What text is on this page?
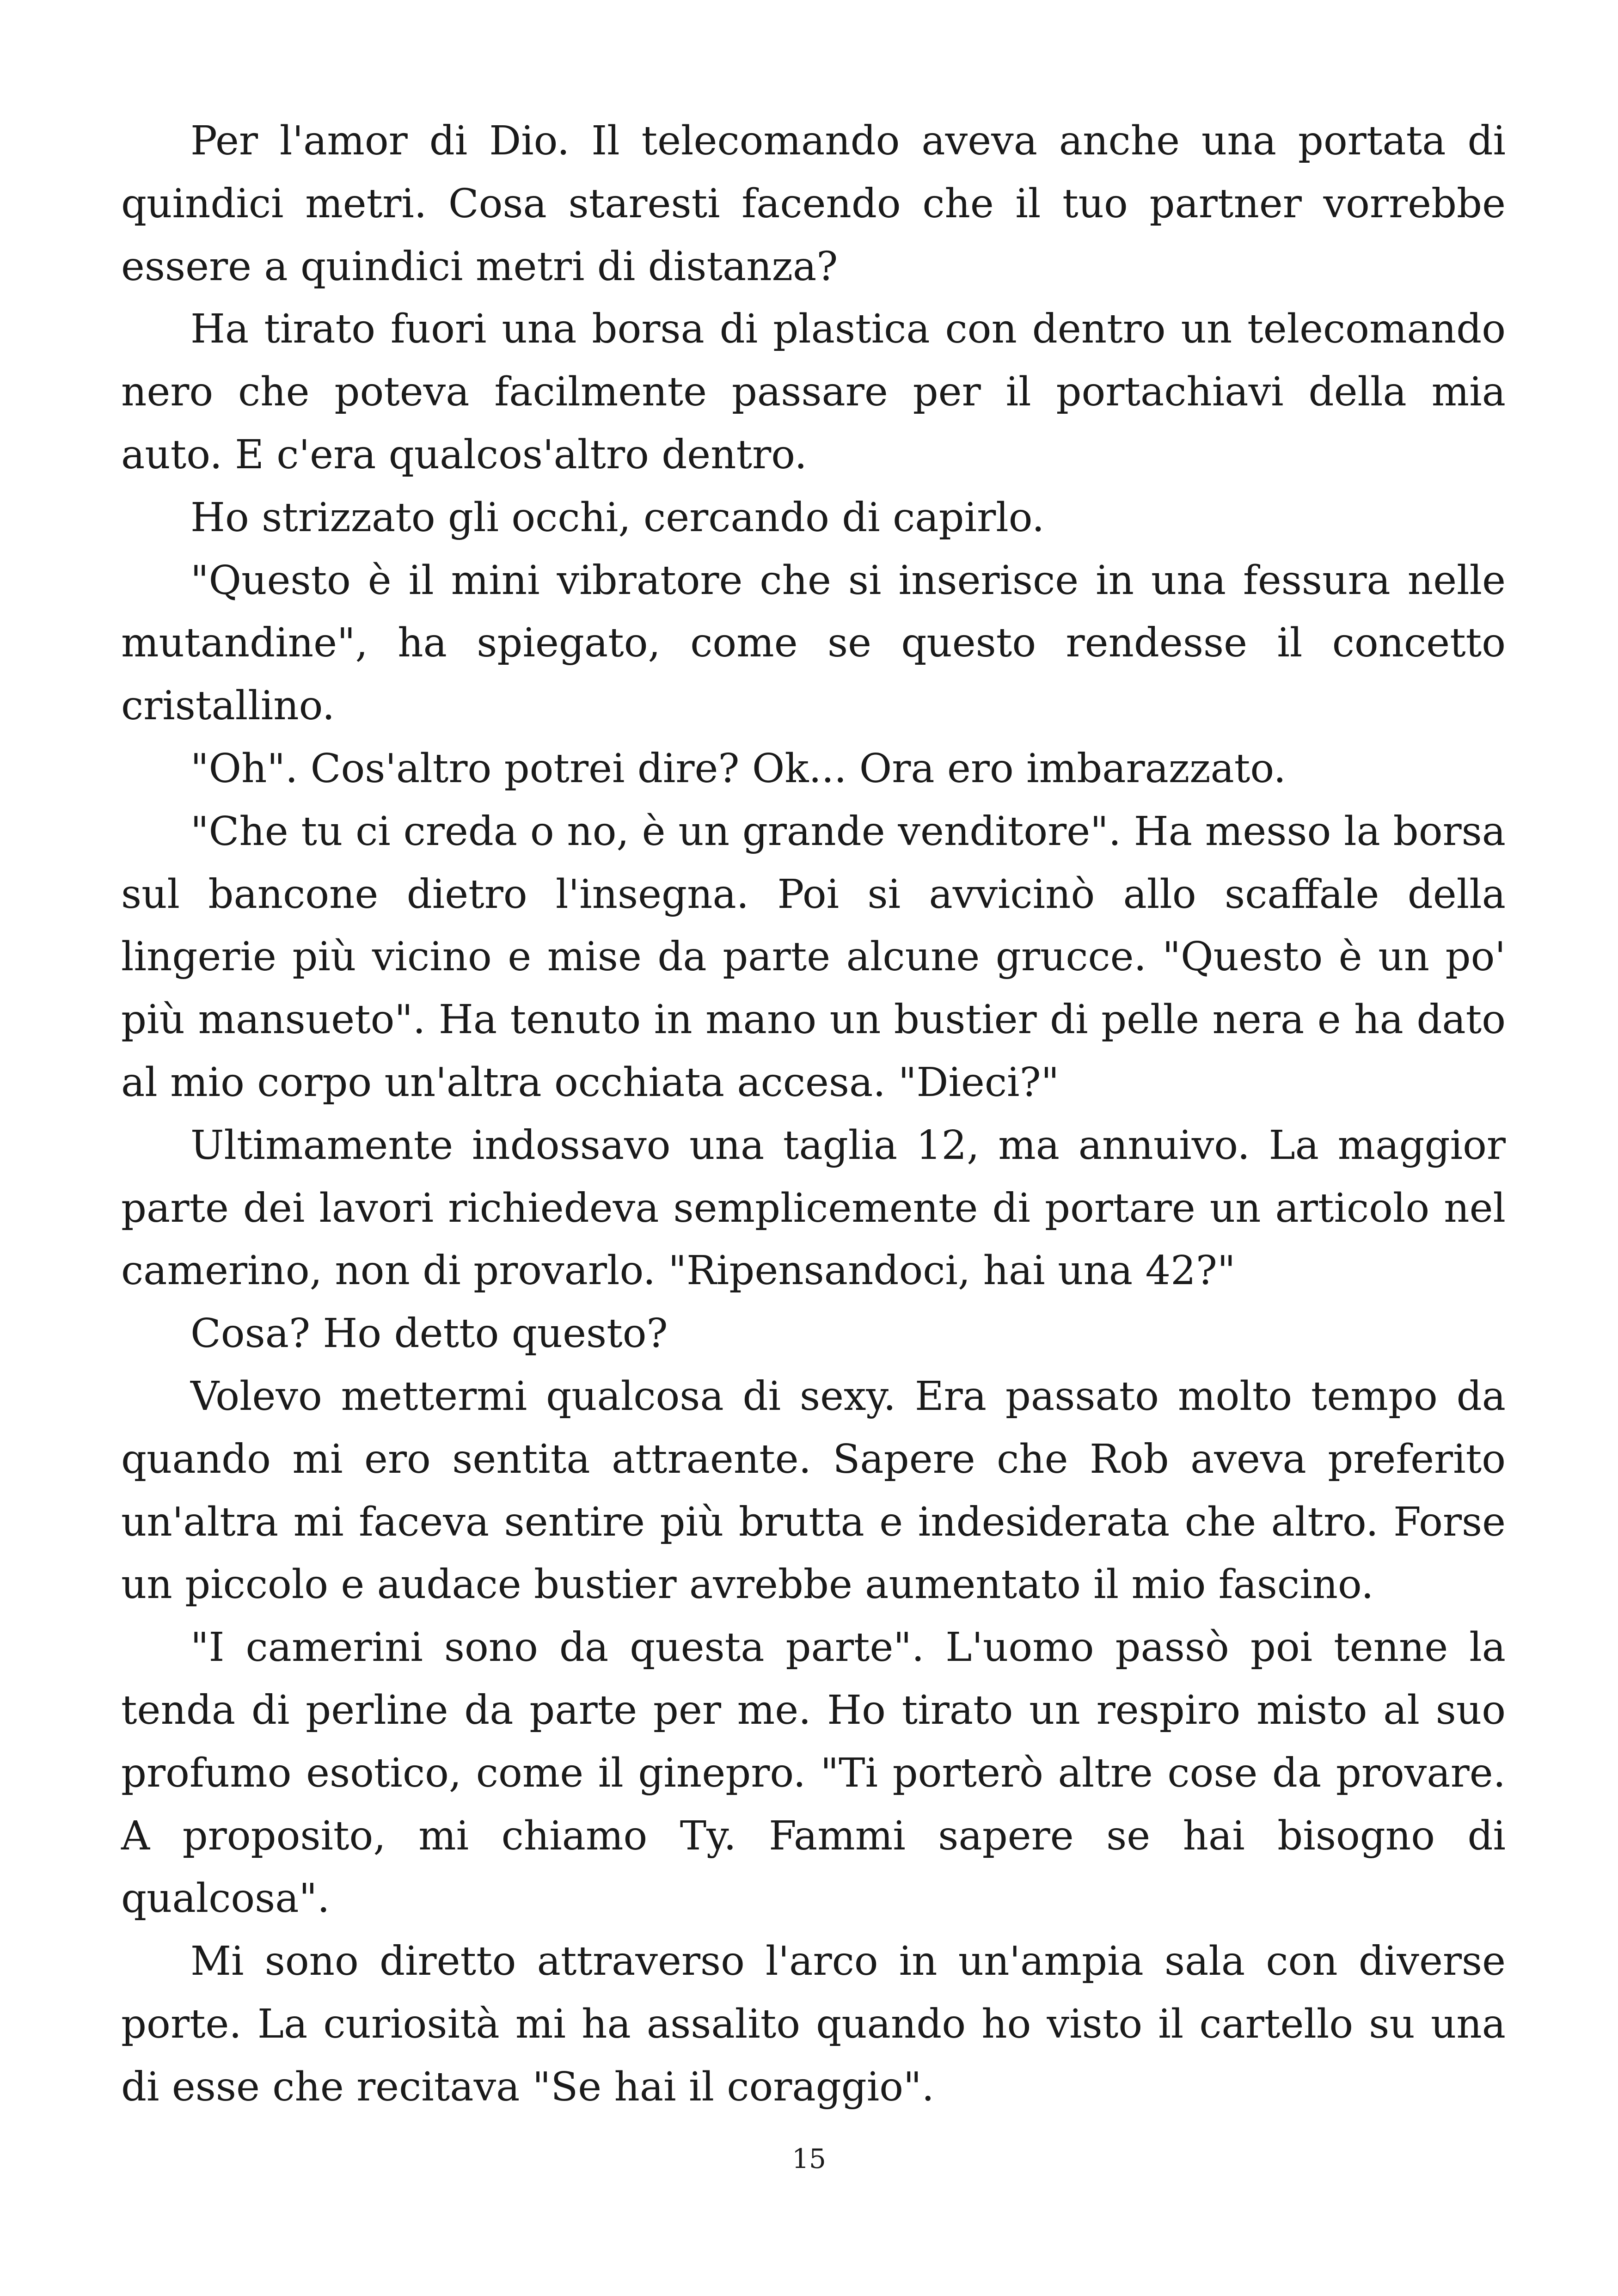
Per l'amor di Dio. Il telecomando aveva anche una portata di quindici metri. Cosa staresti facendo che il tuo partner vorrebbe essere a quindici metri di distanza?

Ha tirato fuori una borsa di plastica con dentro un telecomando nero che poteva facilmente passare per il portachiavi della mia auto. E c'era qualcos'altro dentro.

Ho strizzato gli occhi, cercando di capirlo.

"Questo è il mini vibratore che si inserisce in una fessura nelle mutandine", ha spiegato, come se questo rendesse il concetto cristallino.

"Oh". Cos'altro potrei dire? Ok... Ora ero imbarazzato.

"Che tu ci creda o no, è un grande venditore". Ha messo la borsa sul bancone dietro l'insegna. Poi si avvicinò allo scaffale della lingerie più vicino e mise da parte alcune grucce. "Questo è un po' più mansueto". Ha tenuto in mano un bustier di pelle nera e ha dato al mio corpo un'altra occhiata accesa. "Dieci?"

Ultimamente indossavo una taglia 12, ma annuivo. La maggior parte dei lavori richiedeva semplicemente di portare un articolo nel camerino, non di provarlo. "Ripensandoci, hai una 42?"

Cosa? Ho detto questo?

Volevo mettermi qualcosa di sexy. Era passato molto tempo da quando mi ero sentita attraente. Sapere che Rob aveva preferito un'altra mi faceva sentire più brutta e indesiderata che altro. Forse un piccolo e audace bustier avrebbe aumentato il mio fascino.

"I camerini sono da questa parte". L'uomo passò poi tenne la tenda di perline da parte per me. Ho tirato un respiro misto al suo profumo esotico, come il ginepro. "Ti porterò altre cose da provare. A proposito, mi chiamo Ty. Fammi sapere se hai bisogno di qualcosa".

Mi sono diretto attraverso l'arco in un'ampia sala con diverse porte. La curiosità mi ha assalito quando ho visto il cartello su una di esse che recitava "Se hai il coraggio".

15
